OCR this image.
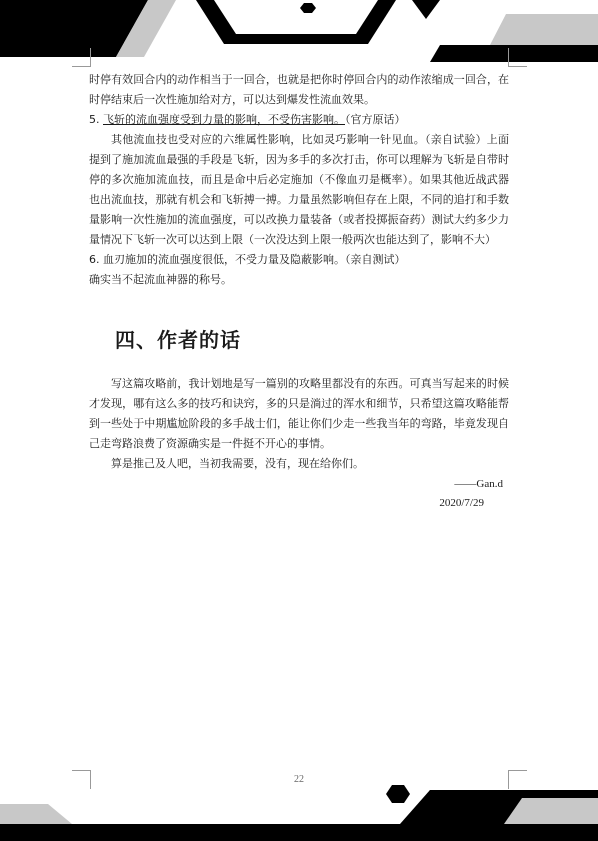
时停有效回合内的动作相当于一回合，也就是把你时停回合内的动作浓缩成一回合，在时停结束后一次性施加给对方，可以达到爆发性流血效果。

5. 飞斩的流血强度受到力量的影响，不受伤害影响。（官方原话）

其他流血技也受对应的六维属性影响，比如灵巧影响一针见血。（亲自试验）上面提到了施加流血最强的手段是飞斩，因为多手的多次打击，你可以理解为飞斩是自带时停的多次施加流血技，而且是命中后必定施加（不像血刃是概率）。如果其他近战武器也出流血技，那就有机会和飞斩搏一搏。力量虽然影响但存在上限，不同的追打和手数量影响一次性施加的流血强度，可以改换力量装备（或者投掷振奋药）测试大约多少力量情况下飞斩一次可以达到上限（一次没达到上限一般两次也能达到了，影响不大）

6. 血刃施加的流血强度很低，不受力量及隐蔽影响。（亲自测试）

确实当不起流血神器的称号。

四、作者的话

写这篇攻略前，我计划地是写一篇别的攻略里都没有的东西。可真当写起来的时候才发现，哪有这么多的技巧和诀窍，多的只是淌过的浑水和细节，只希望这篇攻略能帮到一些处于中期尴尬阶段的多手战士们，能让你们少走一些我当年的弯路，毕竟发现自己走弯路浪费了资源确实是一件挺不开心的事情。

算是推己及人吧，当初我需要，没有，现在给你们。

——Gan.d
2020/7/29
22
